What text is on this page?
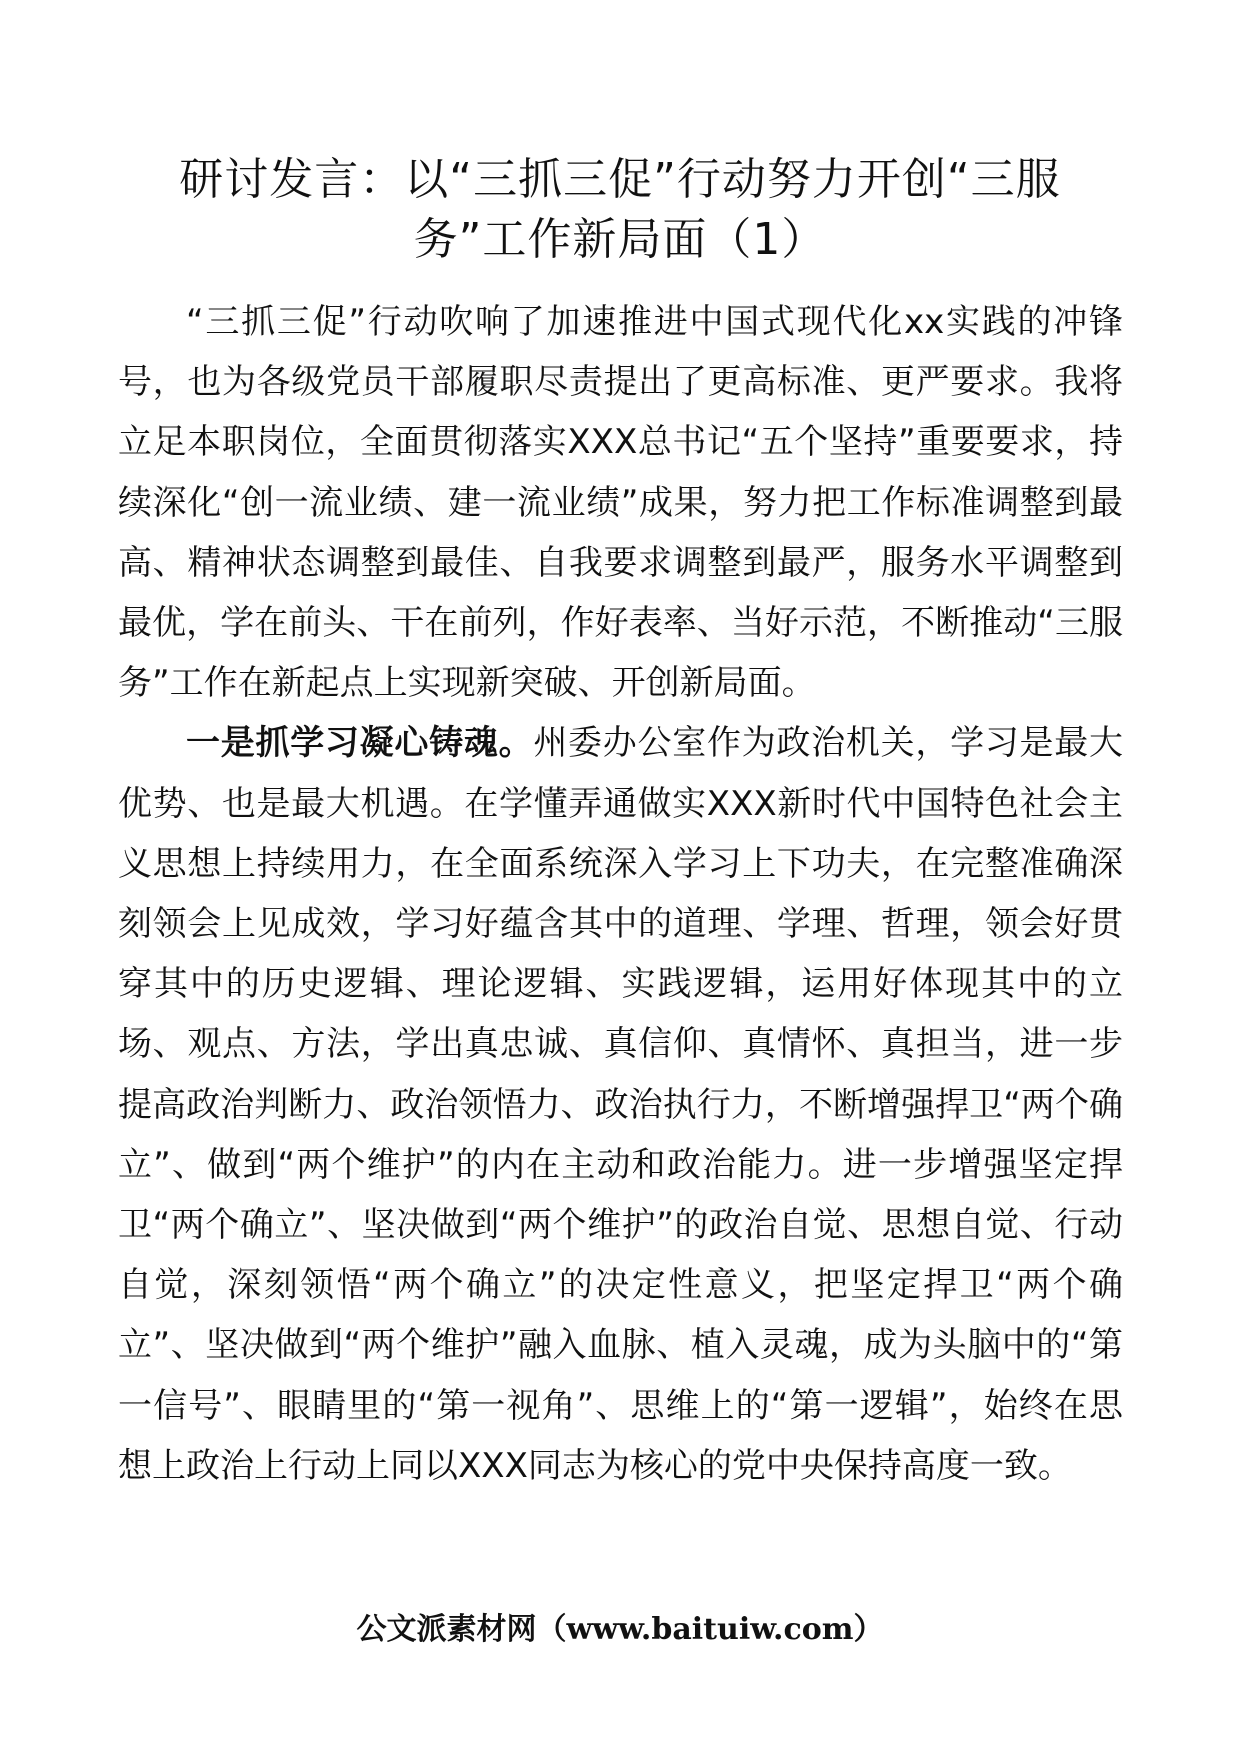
研讨发言：以“三抓三促”行动努力开创“三服务”工作新局面（1）

“三抓三促”行动吹响了加速推进中国式现代化xx实践的冲锋号，也为各级党员干部履职尽责提出了更高标准、更严要求。我将立足本职岗位，全面贯彻落实XXX总书记“五个坚持”重要要求，持续深化“创一流业绩、建一流业绩”成果，努力把工作标准调整到最高、精神状态调整到最佳、自我要求调整到最严，服务水平调整到最优，学在前头、干在前列，作好表率、当好示范，不断推动“三服务”工作在新起点上实现新突破、开创新局面。

一是抓学习凝心铸魂。州委办公室作为政治机关，学习是最大优势、也是最大机遇。在学懂弄通做实XXX新时代中国特色社会主义思想上持续用力，在全面系统深入学习上下功夫，在完整准确深刻领会上见成效，学习好蕴含其中的道理、学理、哲理，领会好贯穿其中的历史逻辑、理论逻辑、实践逻辑，运用好体现其中的立场、观点、方法，学出真忠诚、真信仰、真情怀、真担当，进一步提高政治判断力、政治领悟力、政治执行力，不断增强捍卫“两个确立”、做到“两个维护”的内在主动和政治能力。进一步增强坚定捍卫“两个确立”、坚决做到“两个维护”的政治自觉、思想自觉、行动自觉，深刻领悟“两个确立”的决定性意义，把坚定捍卫“两个确立”、坚决做到“两个维护”融入血脉、植入灵魂，成为头脑中的“第一信号”、眼睛里的“第一视角”、思维上的“第一逻辑”，始终在思想上政治上行动上同以XXX同志为核心的党中央保持高度一致。

公文派素材网（www.baituiw.com）
